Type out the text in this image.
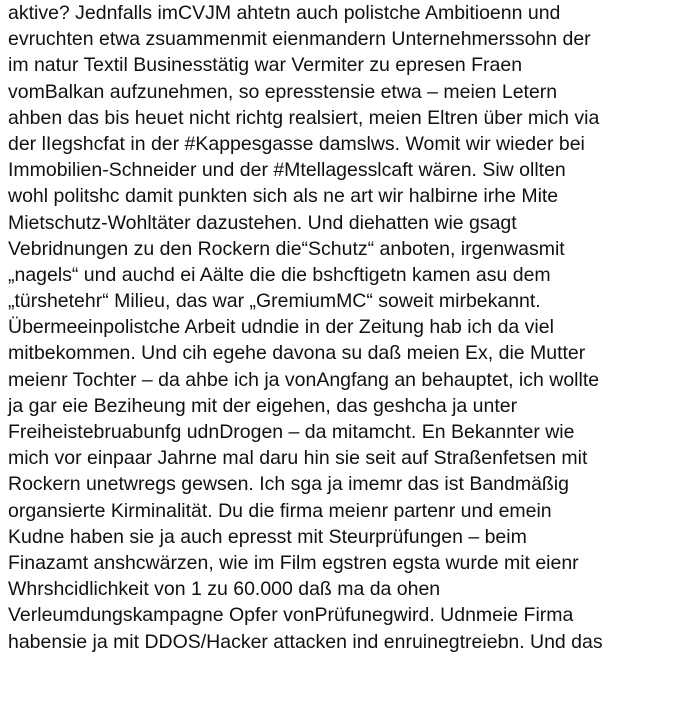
aktive? Jednfalls imCVJM ahtetn auch polistche Ambitioenn und
evruchten etwa zsuammenmit eienmandern Unternehmerssohn der
im natur Textil Businesstätig war Vermiter zu epresen Fraen
vomBalkan aufzunehmen, so epresstensie etwa – meien Letern
ahben das bis heuet nicht richtg realsiert, meien Eltren über mich via
der lIegshcfat in der #Kappesgasse damslws. Womit wir wieder bei
Immobilien-Schneider und der #Mtellagesslcaft wären. Siw ollten
wohl politshc damit punkten sich als ne art wir halbirne irhe Mite
Mietschutz-Wohltäter dazustehen. Und diehatten wie gsagt
Vebridnungen zu den Rockern die“Schutz“ anboten, irgenwasmit
„nagels“ und auchd ei Aälte die die bshcftigetn kamen asu dem
„türshetehr“ Milieu, das war „GremiumMC“ soweit mirbekannt.
Übermeeinpolistche Arbeit udndie in der Zeitung hab ich da viel
mitbekommen. Und cih egehe davona su daß meien Ex, die Mutter
meienr Tochter – da ahbe ich ja vonAngfang an behauptet, ich wollte
ja gar eie Beziheung mit der eigehen, das geshcha ja unter
Freiheistebruabunfg udnDrogen – da mitamcht. En Bekannter wie
mich vor einpaar Jahrne mal daru hin sie seit auf Straßenfetsen mit
Rockern unetwregs gewsen. Ich sga ja imemr das ist Bandmäßig
organsierte Kirminalität. Du die firma meienr partenr und emein
Kudne haben sie ja auch epresst mit Steurprüfungen – beim
Finazamt anshcwärzen, wie im Film egstren egsta wurde mit eienr
Whrshcidlichkeit von 1 zu 60.000 daß ma da ohen
Verleumdungskampagne Opfer vonPrüfunegwird. Udnmeie Firma
habensie ja mit DDOS/Hacker attacken ind enruinegtreiebn. Und das
